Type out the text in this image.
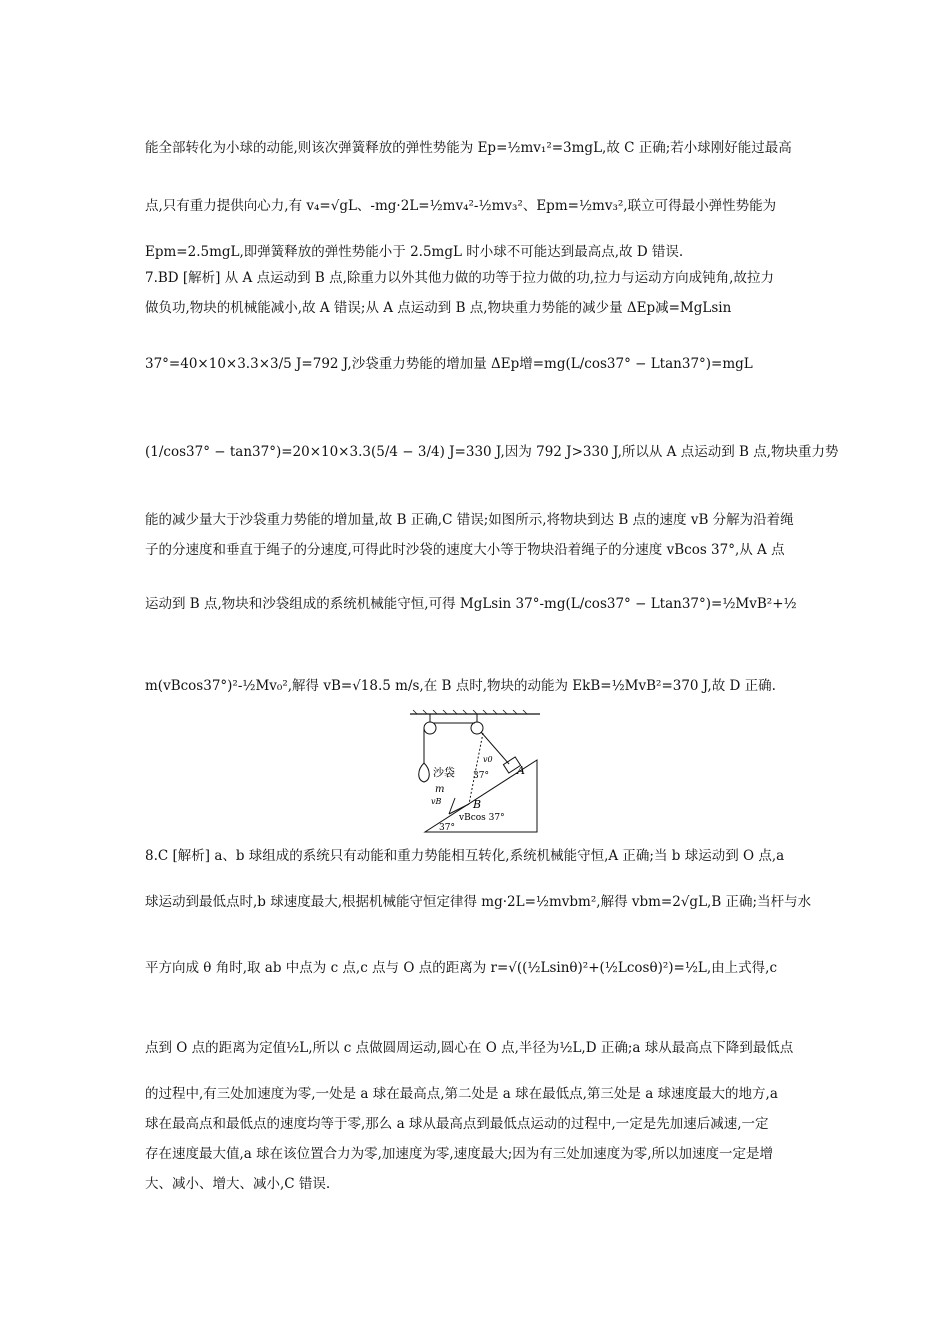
能全部转化为小球的动能,则该次弹簧释放的弹性势能为 Ep=½mv₁²=3mgL,故 C 正确;若小球刚好能过最高
点,只有重力提供向心力,有 v₄=√gL、-mg·2L=½mv₄²-½mv₃²、Epm=½mv₃²,联立可得最小弹性势能为
Epm=2.5mgL,即弹簧释放的弹性势能小于 2.5mgL 时小球不可能达到最高点,故 D 错误.
7.BD [解析] 从 A 点运动到 B 点,除重力以外其他力做的功等于拉力做的功,拉力与运动方向成钝角,故拉力
做负功,物块的机械能减小,故 A 错误;从 A 点运动到 B 点,物块重力势能的减少量 ΔEp减=MgLsin
37°=40×10×3.3×3/5 J=792 J,沙袋重力势能的增加量 ΔEp增=mg(L/cos37° − Ltan37°)=mgL
(1/cos37° − tan37°)=20×10×3.3(5/4 − 3/4) J=330 J,因为 792 J>330 J,所以从 A 点运动到 B 点,物块重力势
能的减少量大于沙袋重力势能的增加量,故 B 正确,C 错误;如图所示,将物块到达 B 点的速度 vB 分解为沿着绳
子的分速度和垂直于绳子的分速度,可得此时沙袋的速度大小等于物块沿着绳子的分速度 vBcos 37°,从 A 点
运动到 B 点,物块和沙袋组成的系统机械能守恒,可得 MgLsin 37°-mg(L/cos37° − Ltan37°)=½MvB²+½
m(vBcos37°)²-½Mv₀²,解得 vB=√18.5 m/s,在 B 点时,物块的动能为 EkB=½MvB²=370 J,故 D 正确.
沙袋	A
B
m
v0
vB
37°
37°
vBcos 37°
8.C [解析] a、b 球组成的系统只有动能和重力势能相互转化,系统机械能守恒,A 正确;当 b 球运动到 O 点,a
球运动到最低点时,b 球速度最大,根据机械能守恒定律得 mg·2L=½mvbm²,解得 vbm=2√gL,B 正确;当杆与水
平方向成 θ 角时,取 ab 中点为 c 点,c 点与 O 点的距离为 r=√((½Lsinθ)²+(½Lcosθ)²)=½L,由上式得,c
点到 O 点的距离为定值½L,所以 c 点做圆周运动,圆心在 O 点,半径为½L,D 正确;a 球从最高点下降到最低点
的过程中,有三处加速度为零,一处是 a 球在最高点,第二处是 a 球在最低点,第三处是 a 球速度最大的地方,a
球在最高点和最低点的速度均等于零,那么 a 球从最高点到最低点运动的过程中,一定是先加速后减速,一定
存在速度最大值,a 球在该位置合力为零,加速度为零,速度最大;因为有三处加速度为零,所以加速度一定是增
大、减小、增大、减小,C 错误.
